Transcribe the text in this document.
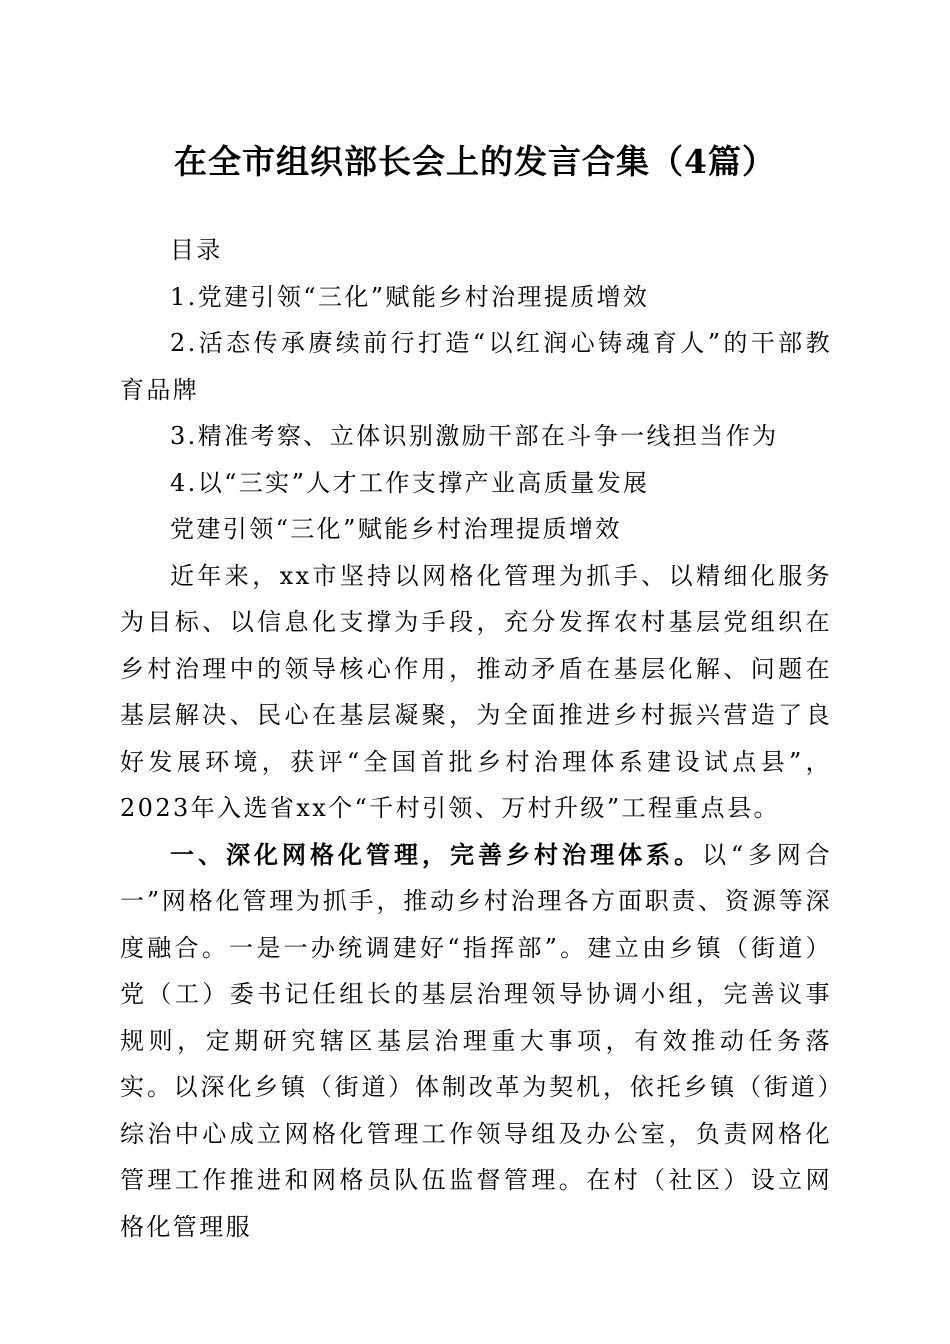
在全市组织部长会上的发言合集（4篇）

目录

1.党建引领“三化”赋能乡村治理提质增效

2.活态传承赓续前行打造“以红润心铸魂育人”的干部教育品牌

3.精准考察、立体识别激励干部在斗争一线担当作为

4.以“三实”人才工作支撑产业高质量发展

党建引领“三化”赋能乡村治理提质增效

近年来，xx市坚持以网格化管理为抓手、以精细化服务为目标、以信息化支撑为手段，充分发挥农村基层党组织在乡村治理中的领导核心作用，推动矛盾在基层化解、问题在基层解决、民心在基层凝聚，为全面推进乡村振兴营造了良好发展环境，获评“全国首批乡村治理体系建设试点县”，2023年入选省xx个“千村引领、万村升级”工程重点县。

一、深化网格化管理，完善乡村治理体系。以“多网合一”网格化管理为抓手，推动乡村治理各方面职责、资源等深度融合。一是一办统调建好“指挥部”。建立由乡镇（街道）党（工）委书记任组长的基层治理领导协调小组，完善议事规则，定期研究辖区基层治理重大事项，有效推动任务落实。以深化乡镇（街道）体制改革为契机，依托乡镇（街道）综治中心成立网格化管理工作领导组及办公室，负责网格化管理工作推进和网格员队伍监督管理。在村（社区）设立网格化管理服
